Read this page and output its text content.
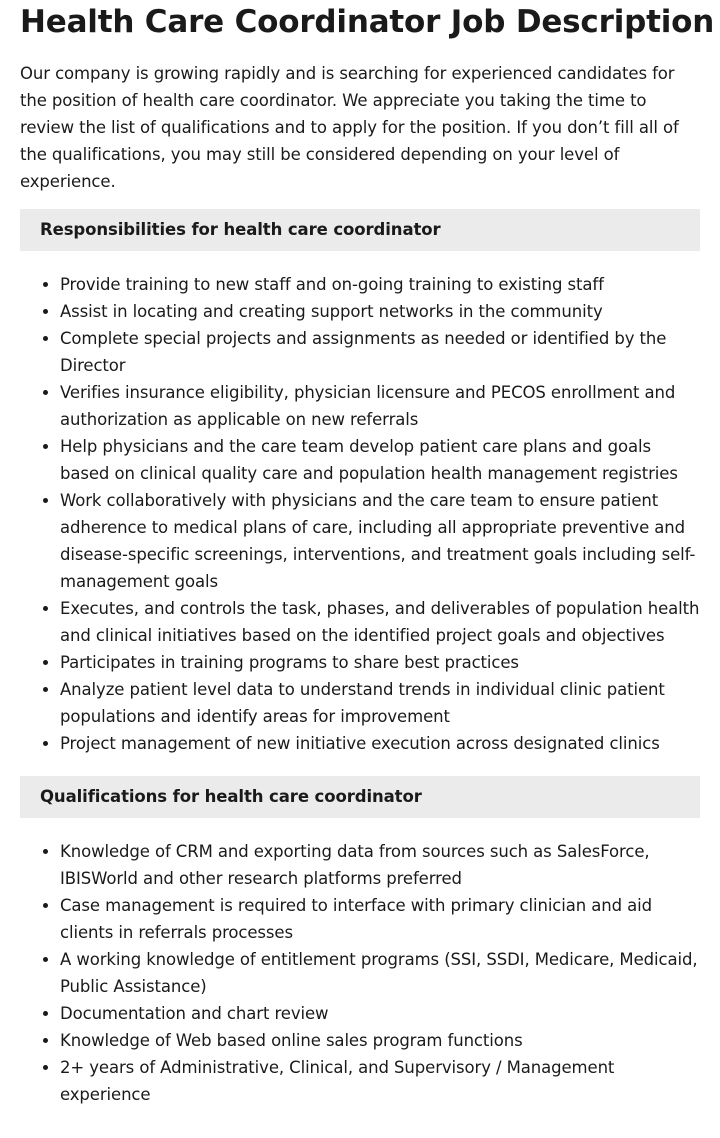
Health Care Coordinator Job Description

Our company is growing rapidly and is searching for experienced candidates for the position of health care coordinator. We appreciate you taking the time to review the list of qualifications and to apply for the position. If you don’t fill all of the qualifications, you may still be considered depending on your level of experience.

Responsibilities for health care coordinator
• Provide training to new staff and on-going training to existing staff
• Assist in locating and creating support networks in the community
• Complete special projects and assignments as needed or identified by the Director
• Verifies insurance eligibility, physician licensure and PECOS enrollment and authorization as applicable on new referrals
• Help physicians and the care team develop patient care plans and goals based on clinical quality care and population health management registries
• Work collaboratively with physicians and the care team to ensure patient adherence to medical plans of care, including all appropriate preventive and disease-specific screenings, interventions, and treatment goals including self-management goals
• Executes, and controls the task, phases, and deliverables of population health and clinical initiatives based on the identified project goals and objectives
• Participates in training programs to share best practices
• Analyze patient level data to understand trends in individual clinic patient populations and identify areas for improvement
• Project management of new initiative execution across designated clinics
Qualifications for health care coordinator
• Knowledge of CRM and exporting data from sources such as SalesForce, IBISWorld and other research platforms preferred
• Case management is required to interface with primary clinician and aid clients in referrals processes
• A working knowledge of entitlement programs (SSI, SSDI, Medicare, Medicaid, Public Assistance)
• Documentation and chart review
• Knowledge of Web based online sales program functions
• 2+ years of Administrative, Clinical, and Supervisory / Management experience
